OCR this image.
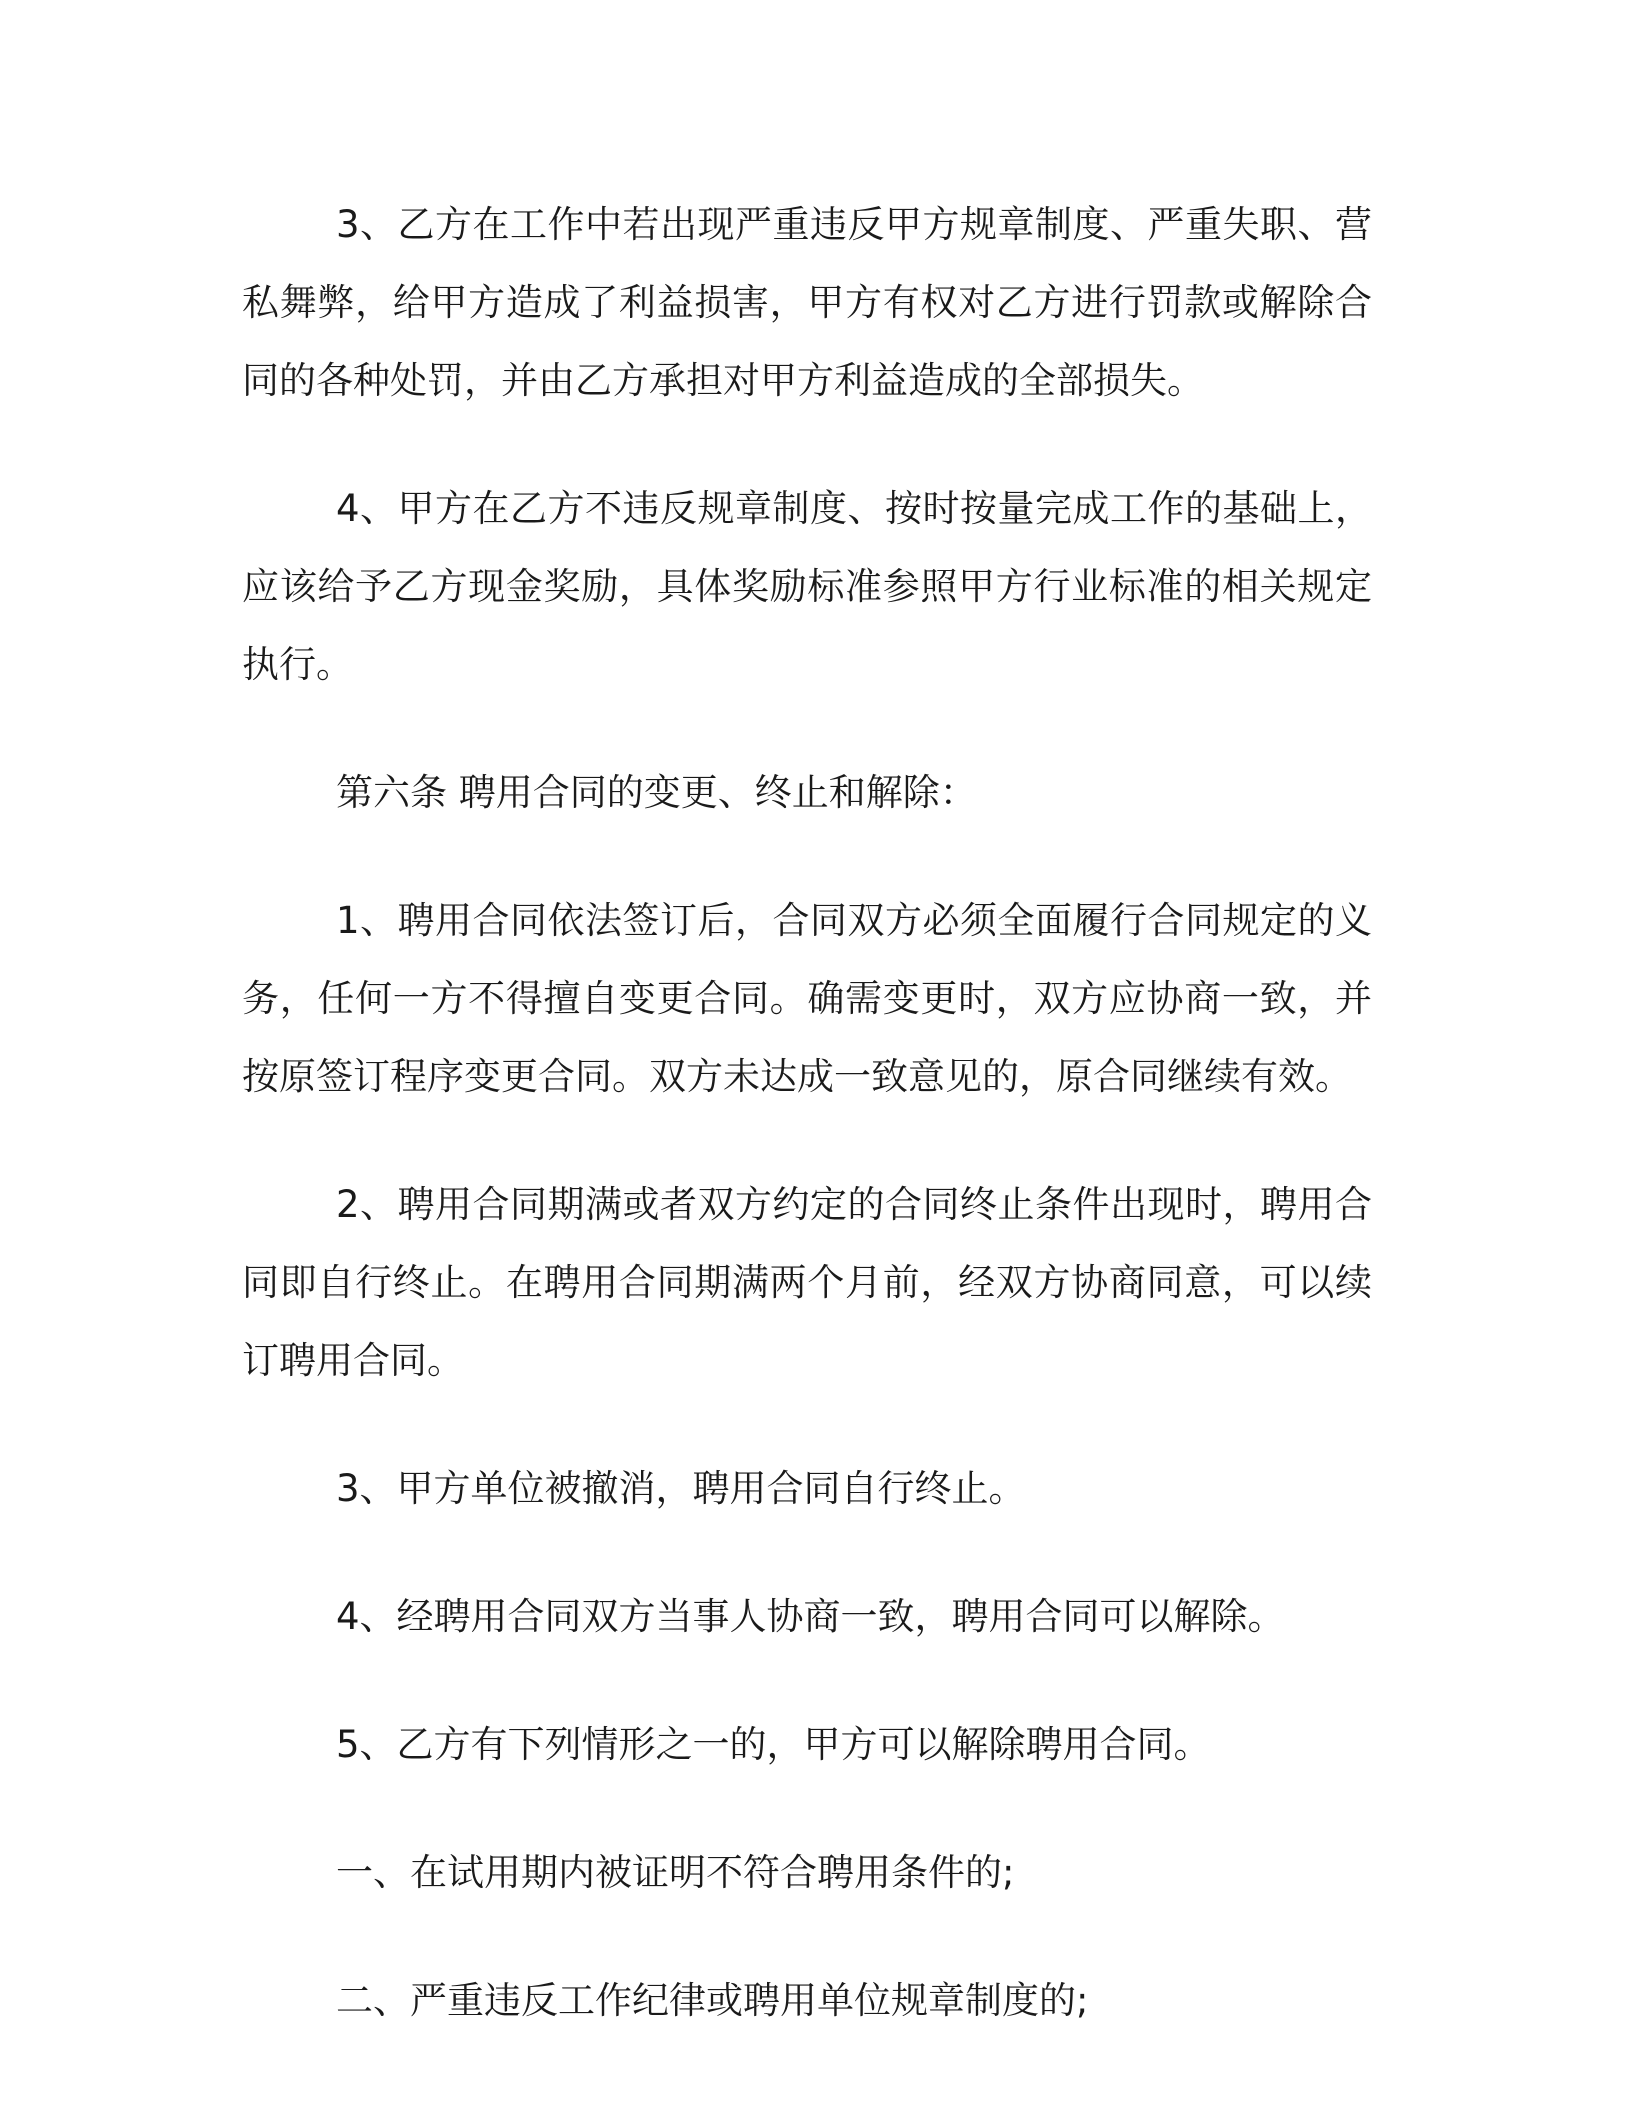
3、乙方在工作中若出现严重违反甲方规章制度、严重失职、营私舞弊，给甲方造成了利益损害，甲方有权对乙方进行罚款或解除合同的各种处罚，并由乙方承担对甲方利益造成的全部损失。

4、甲方在乙方不违反规章制度、按时按量完成工作的基础上，应该给予乙方现金奖励，具体奖励标准参照甲方行业标准的相关规定执行。

第六条 聘用合同的变更、终止和解除：

1、聘用合同依法签订后，合同双方必须全面履行合同规定的义务，任何一方不得擅自变更合同。确需变更时，双方应协商一致，并按原签订程序变更合同。双方未达成一致意见的，原合同继续有效。

2、聘用合同期满或者双方约定的合同终止条件出现时，聘用合同即自行终止。在聘用合同期满两个月前，经双方协商同意，可以续订聘用合同。

3、甲方单位被撤消，聘用合同自行终止。

4、经聘用合同双方当事人协商一致，聘用合同可以解除。

5、乙方有下列情形之一的，甲方可以解除聘用合同。

一、在试用期内被证明不符合聘用条件的;

二、严重违反工作纪律或聘用单位规章制度的;
